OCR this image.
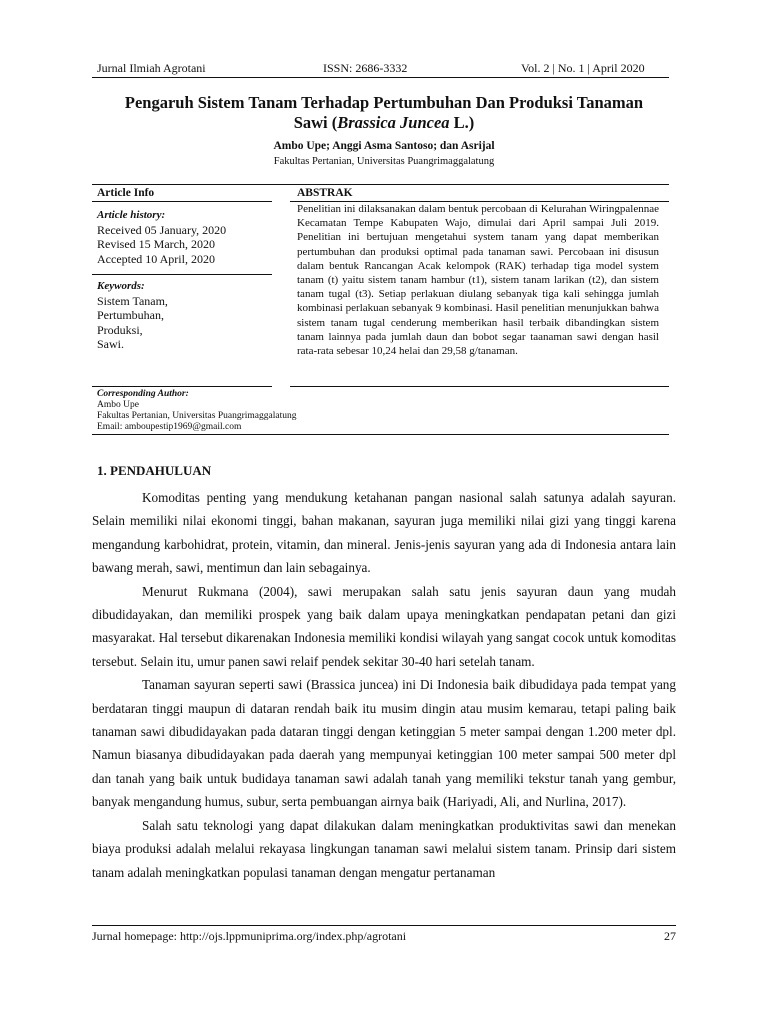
Jurnal Ilmiah Agrotani	ISSN: 2686-3332	Vol. 2 | No. 1 | April 2020
Pengaruh Sistem Tanam Terhadap Pertumbuhan Dan Produksi Tanaman
Sawi (Brassica Juncea L.)
Ambo Upe; Anggi Asma Santoso; dan Asrijal
Fakultas Pertanian, Universitas Puangrimaggalatung
Article Info	ABSTRAK
Article history:
Received 05 January, 2020
Revised 15 March, 2020
Accepted 10 April, 2020
Keywords:
Sistem Tanam,
Pertumbuhan,
Produksi,
Sawi.
Penelitian ini dilaksanakan dalam bentuk percobaan di Kelurahan Wiringpalennae Kecamatan Tempe Kabupaten Wajo, dimulai dari April sampai Juli 2019. Penelitian ini bertujuan mengetahui system tanam yang dapat memberikan pertumbuhan dan produksi optimal pada tanaman sawi. Percobaan ini disusun dalam bentuk Rancangan Acak kelompok (RAK) terhadap tiga model system tanam (t) yaitu sistem tanam hambur (t1), sistem tanam larikan (t2), dan sistem tanam tugal (t3). Setiap perlakuan diulang sebanyak tiga kali sehingga jumlah kombinasi perlakuan sebanyak 9 kombinasi. Hasil penelitian menunjukkan bahwa sistem tanam tugal cenderung memberikan hasil terbaik dibandingkan sistem tanam lainnya pada jumlah daun dan bobot segar taanaman sawi dengan hasil rata-rata sebesar 10,24 helai dan 29,58 g/tanaman.
Corresponding Author:
Ambo Upe
Fakultas Pertanian, Universitas Puangrimaggalatung
Email: amboupestip1969@gmail.com
1. PENDAHULUAN

Komoditas penting yang mendukung ketahanan pangan nasional salah satunya adalah sayuran. Selain memiliki nilai ekonomi tinggi, bahan makanan, sayuran juga memiliki nilai gizi yang tinggi karena mengandung karbohidrat, protein, vitamin, dan mineral. Jenis-jenis sayuran yang ada di Indonesia antara lain bawang merah, sawi, mentimun dan lain sebagainya.

Menurut Rukmana (2004), sawi merupakan salah satu jenis sayuran daun yang mudah dibudidayakan, dan memiliki prospek yang baik dalam upaya meningkatkan pendapatan petani dan gizi masyarakat. Hal tersebut dikarenakan Indonesia memiliki kondisi wilayah yang sangat cocok untuk komoditas tersebut. Selain itu, umur panen sawi relaif pendek sekitar 30-40 hari setelah tanam.

Tanaman sayuran seperti sawi (Brassica juncea) ini Di Indonesia baik dibudidaya pada tempat yang berdataran tinggi maupun di dataran rendah baik itu musim dingin atau musim kemarau, tetapi paling baik tanaman sawi dibudidayakan pada dataran tinggi dengan ketinggian 5 meter sampai dengan 1.200 meter dpl. Namun biasanya dibudidayakan pada daerah yang mempunyai ketinggian 100 meter sampai 500 meter dpl dan tanah yang baik untuk budidaya tanaman sawi adalah tanah yang memiliki tekstur tanah yang gembur, banyak mengandung humus, subur, serta pembuangan airnya baik (Hariyadi, Ali, and Nurlina, 2017).

Salah satu teknologi yang dapat dilakukan dalam meningkatkan produktivitas sawi dan menekan biaya produksi adalah melalui rekayasa lingkungan tanaman sawi melalui sistem tanam. Prinsip dari sistem tanam adalah meningkatkan populasi tanaman dengan mengatur pertanaman

Jurnal homepage: http://ojs.lppmuniprima.org/index.php/agrotani	27
